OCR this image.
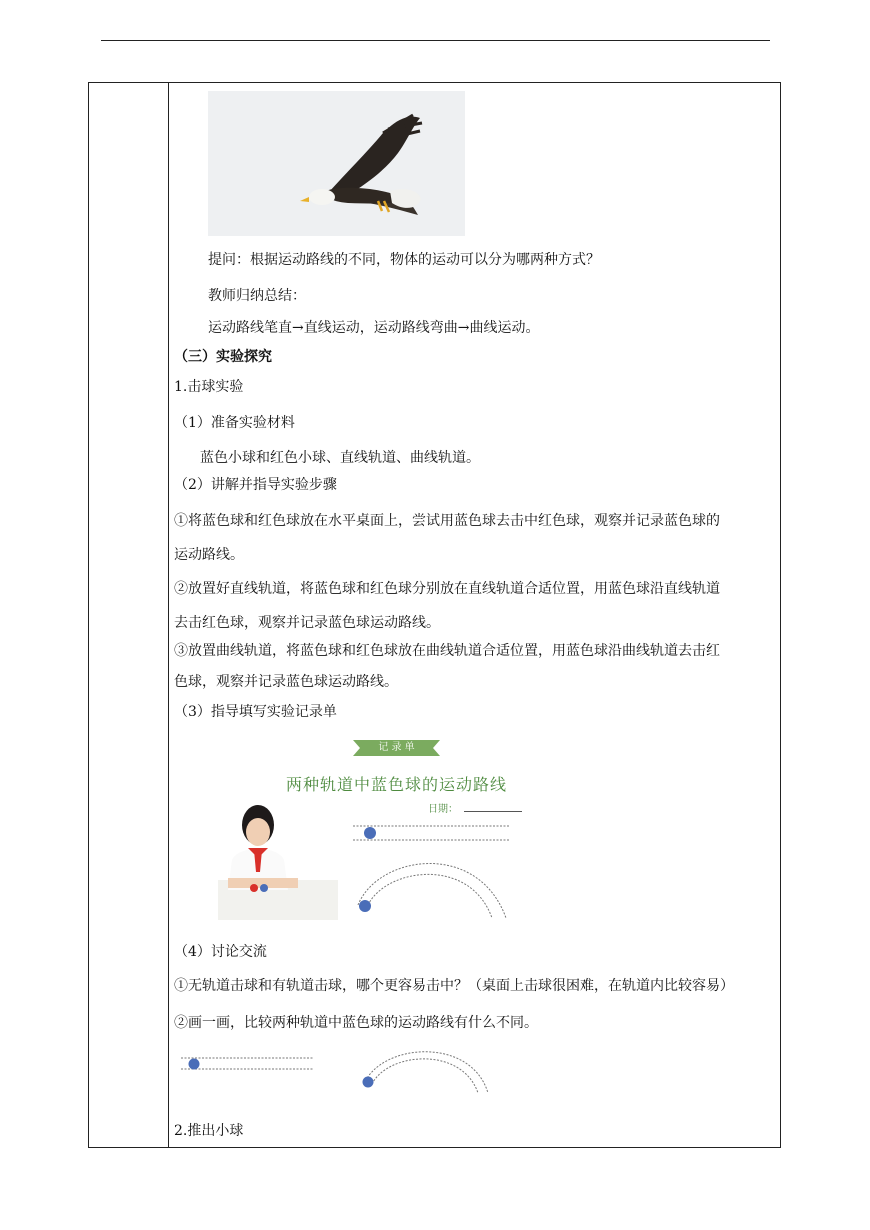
提问：根据运动路线的不同，物体的运动可以分为哪两种方式？
教师归纳总结：
运动路线笔直→直线运动，运动路线弯曲→曲线运动。
（三）实验探究
1.击球实验
（1）准备实验材料
蓝色小球和红色小球、直线轨道、曲线轨道。
（2）讲解并指导实验步骤
①将蓝色球和红色球放在水平桌面上，尝试用蓝色球去击中红色球，观察并记录蓝色球的
运动路线。
②放置好直线轨道，将蓝色球和红色球分别放在直线轨道合适位置，用蓝色球沿直线轨道
去击红色球，观察并记录蓝色球运动路线。
③放置曲线轨道，将蓝色球和红色球放在曲线轨道合适位置，用蓝色球沿曲线轨道去击红
色球，观察并记录蓝色球运动路线。
（3）指导填写实验记录单
记 录 单
两种轨道中蓝色球的运动路线
日期：
（4）讨论交流
①无轨道击球和有轨道击球，哪个更容易击中？（桌面上击球很困难，在轨道内比较容易）
②画一画，比较两种轨道中蓝色球的运动路线有什么不同。
2.推出小球
